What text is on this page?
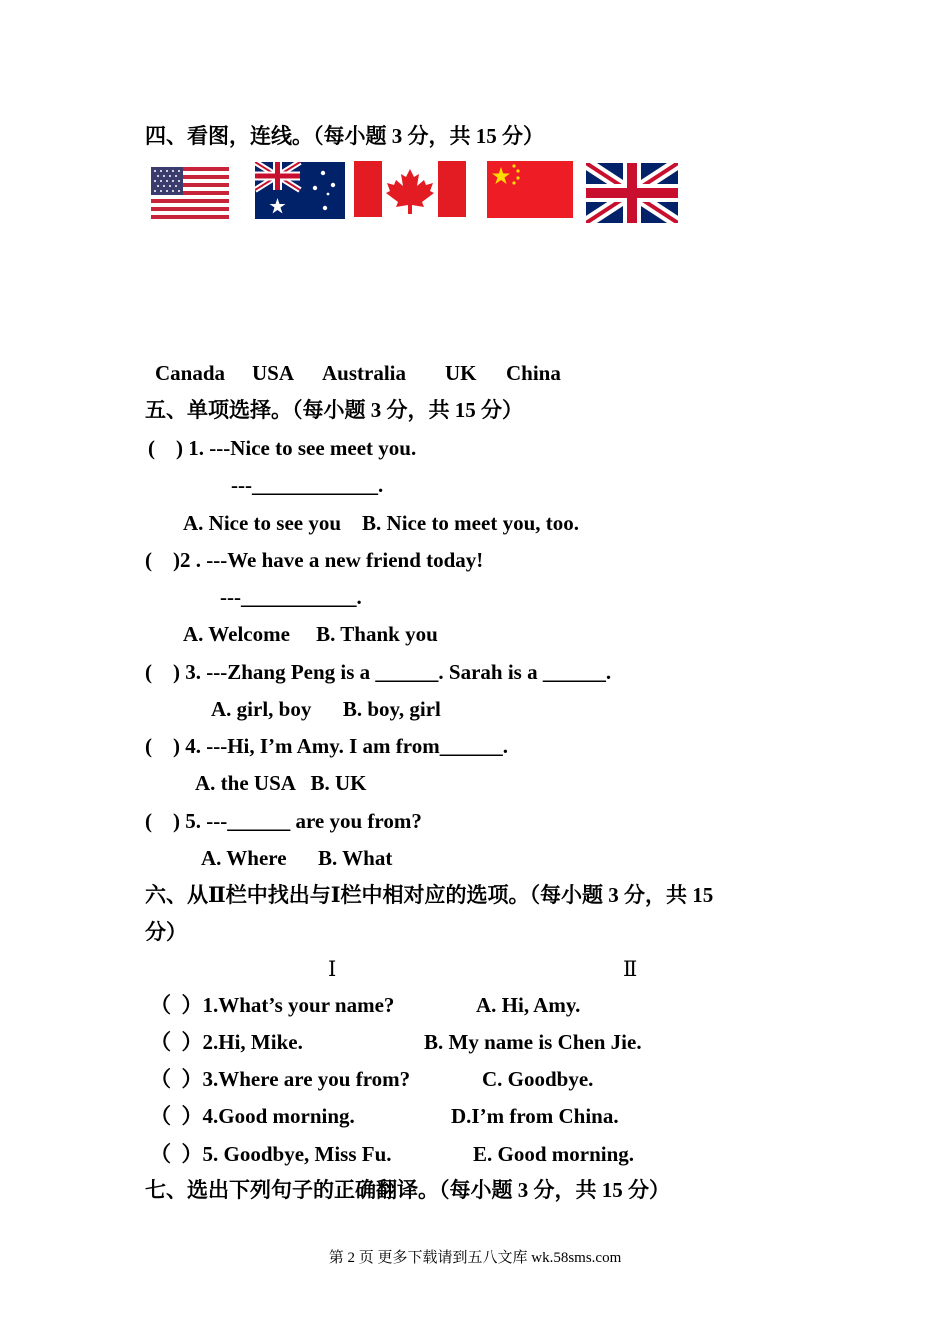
四、看图，连线。（每小题 3 分，共 15 分）
Canada USA Australia UK China
五、单项选择。（每小题 3 分，共 15 分）
(    ) 1. ---Nice to see meet you.
---____________.
A. Nice to see you    B. Nice to meet you, too.
(    )2 . ---We have a new friend today!
---___________.
A. Welcome     B. Thank you
(    ) 3. ---Zhang Peng is a ______. Sarah is a ______.
A. girl, boy      B. boy, girl
(    ) 4. ---Hi, I’m Amy. I am from______.
A. the USA   B. UK
(    ) 5. ---______ are you from?
A. Where      B. What
六、从Ⅱ栏中找出与Ⅰ栏中相对应的选项。（每小题 3 分，共 15
分）
Ⅰ	Ⅱ
（  ）1.What’s your name?	A. Hi, Amy.
（  ）2.Hi, Mike.	B. My name is Chen Jie.
（  ）3.Where are you from?	C. Goodbye.
（  ）4.Good morning.	D.I’m from China.
（  ）5. Goodbye, Miss Fu.	E. Good morning.
七、选出下列句子的正确翻译。（每小题 3 分，共 15 分）
第 2 页 更多下载请到五八文库 wk.58sms.com
